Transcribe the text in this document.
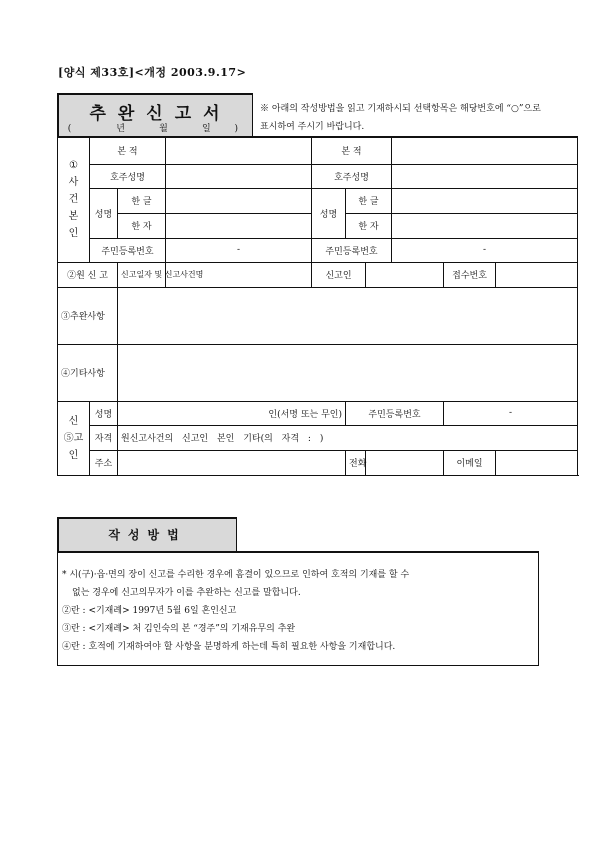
[양식 제33호]<개정 2003.9.17>
추완신고서
(	년	월	일	)
※ 아래의 작성방법을 읽고 기재하시되 선택항목은 해당번호에 “○”으로 표시하여 주시기 바랍니다.
①
사
건
본
인	본 적			본 적					
	호주성명			호주성명					
	성명	한 글		성명	한 글				
		한 자			한 자				
	주민등록번호		-	주민등록번호			-		
②원 신 고		신고일자 및 신고사건명		신고인				접수번호	
③추완사항									
④기타사항									
신
⑤고
인	성명	인(서명 또는 무인)			주민등록번호			-	
	자격	원신고사건의 신고인 본인 기타(의 자격 : )							
	주소				전화			이메일	
작성방법

* 시(구)·읍·면의 장이 신고를 수리한 경우에 흠결이 있으므로 인하여 호적의 기재를 할 수

없는 경우에 신고의무자가 이를 추완하는 신고를 말합니다.

②란 : <기재례> 1997년 5월 6일 혼인신고

③란 : <기재례> 처 김인숙의 본 “경주”의 기재유무의 추완

④란 : 호적에 기재하여야 할 사항을 분명하게 하는데 특히 필요한 사항을 기재합니다.
